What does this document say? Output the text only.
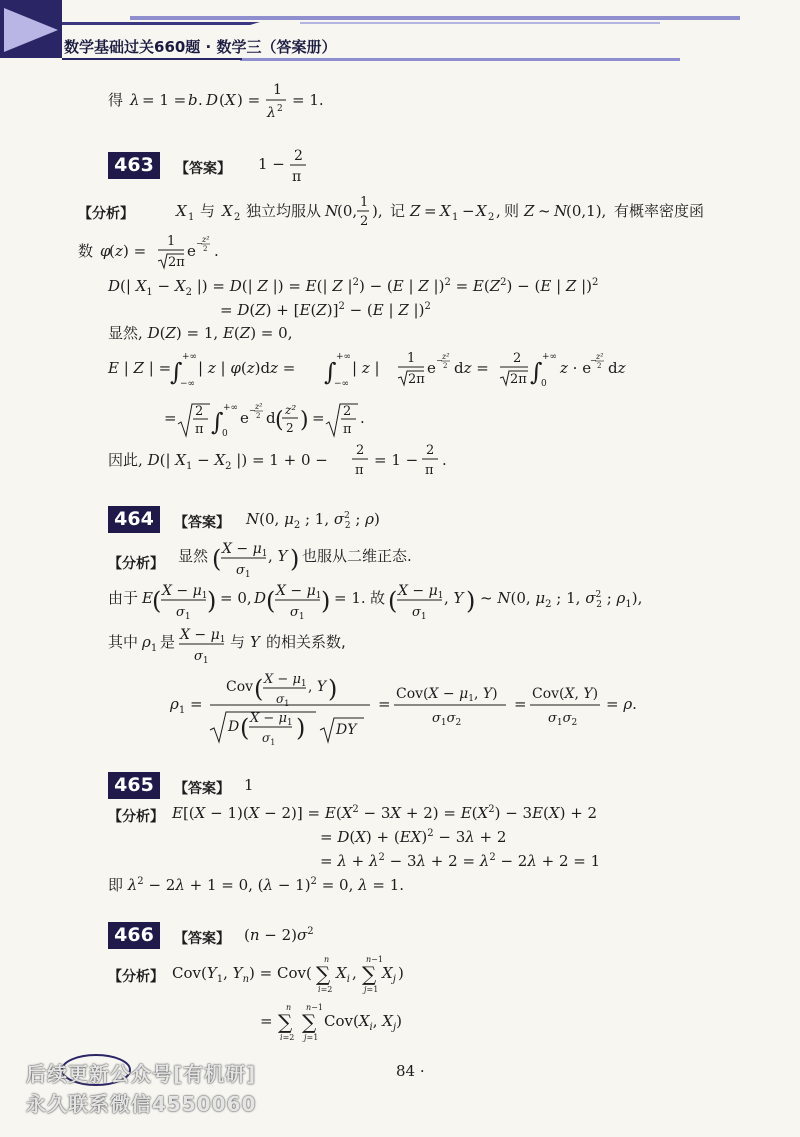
数学基础过关660题 · 数学三（答案册）
得 λ = 1 = b . D ( X ) =
1
λ 2 = 1.
463	【答案】 1 − 2
π
【分析】	X 1 与 X 2 独立均服从 N
(0, 1
2
), 记 Z = X 1 − X 2 , 则 Z ~ N
(0,1), 有概率密度函
数 φ
( z ) =
1
2π
e − z²
2 .
D(| $X_1 - X_2$ |) = D(| Z |) = E(| Z $|^2) - (E$ | Z $|)^2 = E(Z^2) - (E$ | Z |)$^2$
= $D(Z) + [E(Z)]^2 - (E$ | Z |)$^2$
显然, D(Z) = 1, E(Z) = 0,
E | Z | =
∫
+∞
−∞
| z | φ(z)dz = ∫
+∞
−∞
| z |
1
2π
e − z²
2 dz =
2
2π ∫
+∞
0
z · e
− z²
2 dz
= 2
π ∫ +∞
0
e − z²
2 d ( z²
2 ) = 2
π
.
因此, D(| $X_1 - X_2$ |) = 1 + 0 −
2
π
= 1 −
2
π
.
464	【答案】 N(0, $\mu_2$ ; 1, $\sigma^2$ 2 ; ρ)
【分析】 显然 ( $X - \mu_1$
$\sigma_1$
, Y ) 也服从二维正态.
由于 E ( $X - \mu_1$
$\sigma_1$
) = 0, D ( $X - \mu_1$
$\sigma_1$
) = 1. 故 ( $X - \mu_1$
$\sigma_1$
, Y ) ~ N(0, $\mu_2$ ; 1, $\sigma^2$ 2 ; $\rho_1$),
其中 $\rho_1$ 是 $X - \mu_1$
$\sigma_1$
与 Y 的相关系数,
$\rho_1$ =
Cov ( $X - \mu_1$
$\sigma_1$
, Y )
D ( $X - \mu_1$
$\sigma_1$
) DY
=
$Cov(X - \mu_1$, Y)
$\sigma_1\sigma_2$
=
Cov(X, Y)
$\sigma_1\sigma_2$
= ρ.
465	【答案】 1
【分析】 $E[(X - 1)(X - 2)] = E(X^2 - 3X + 2) = E(X^2) - 3E(X) + 2$
= D(X) + (EX)$^2$ − 3λ + 2
= $\lambda + \lambda^2 - 3\lambda + 2 = \lambda^2 - 2\lambda + 2 = 1$
即 $\lambda^2 - 2\lambda + 1 = 0$, $(\lambda - 1)^2 = 0$, λ = 1.
466	【答案】 $(n - 2)\sigma^2$
【分析】 $Cov(Y_1$, $Y_n) = Cov$( ∑
n
i=2
$X_i$ , ∑
n−1
j=1
$X_j$ )
= ∑
n
i=2
∑
n−1
j=1
$Cov(X_i$, $X_j$)
84 ·
后续更新公众号[有机研]
永久联系微信4550060
